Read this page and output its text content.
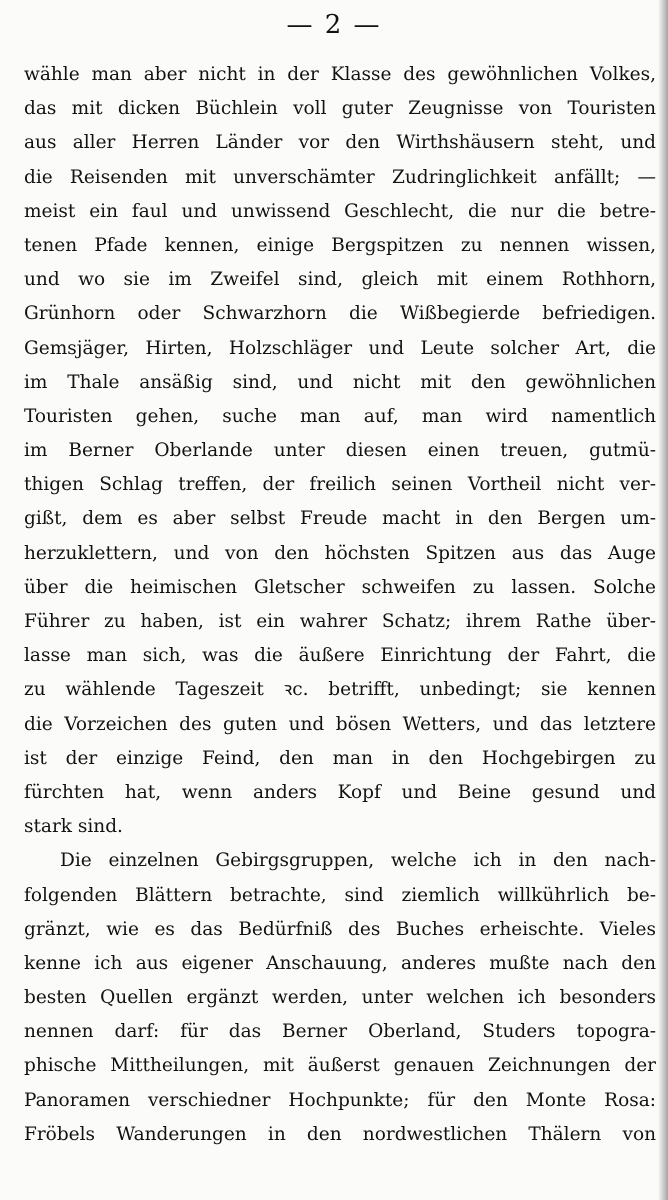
— 2 —
wähle man aber nicht in der Klasse des gewöhnlichen Volkes,
das mit dicken Büchlein voll guter Zeugnisse von Touristen
aus aller Herren Länder vor den Wirthshäusern steht, und
die Reisenden mit unverschämter Zudringlichkeit anfällt; —
meist ein faul und unwissend Geschlecht, die nur die betre-
tenen Pfade kennen, einige Bergspitzen zu nennen wissen,
und wo sie im Zweifel sind, gleich mit einem Rothhorn,
Grünhorn oder Schwarzhorn die Wißbegierde befriedigen.
Gemsjäger, Hirten, Holzschläger und Leute solcher Art, die
im Thale ansäßig sind, und nicht mit den gewöhnlichen
Touristen gehen, suche man auf, man wird namentlich
im Berner Oberlande unter diesen einen treuen, gutmü-
thigen Schlag treffen, der freilich seinen Vortheil nicht ver-
gißt, dem es aber selbst Freude macht in den Bergen um-
herzuklettern, und von den höchsten Spitzen aus das Auge
über die heimischen Gletscher schweifen zu lassen. Solche
Führer zu haben, ist ein wahrer Schatz; ihrem Rathe über-
lasse man sich, was die äußere Einrichtung der Fahrt, die
zu wählende Tageszeit ꝛc. betrifft, unbedingt; sie kennen
die Vorzeichen des guten und bösen Wetters, und das letztere
ist der einzige Feind, den man in den Hochgebirgen zu
fürchten hat, wenn anders Kopf und Beine gesund und
stark sind.
Die einzelnen Gebirgsgruppen, welche ich in den nach-
folgenden Blättern betrachte, sind ziemlich willkührlich be-
gränzt, wie es das Bedürfniß des Buches erheischte. Vieles
kenne ich aus eigener Anschauung, anderes mußte nach den
besten Quellen ergänzt werden, unter welchen ich besonders
nennen darf: für das Berner Oberland, Studers topogra-
phische Mittheilungen, mit äußerst genauen Zeichnungen der
Panoramen verschiedner Hochpunkte; für den Monte Rosa:
Fröbels Wanderungen in den nordwestlichen Thälern von
